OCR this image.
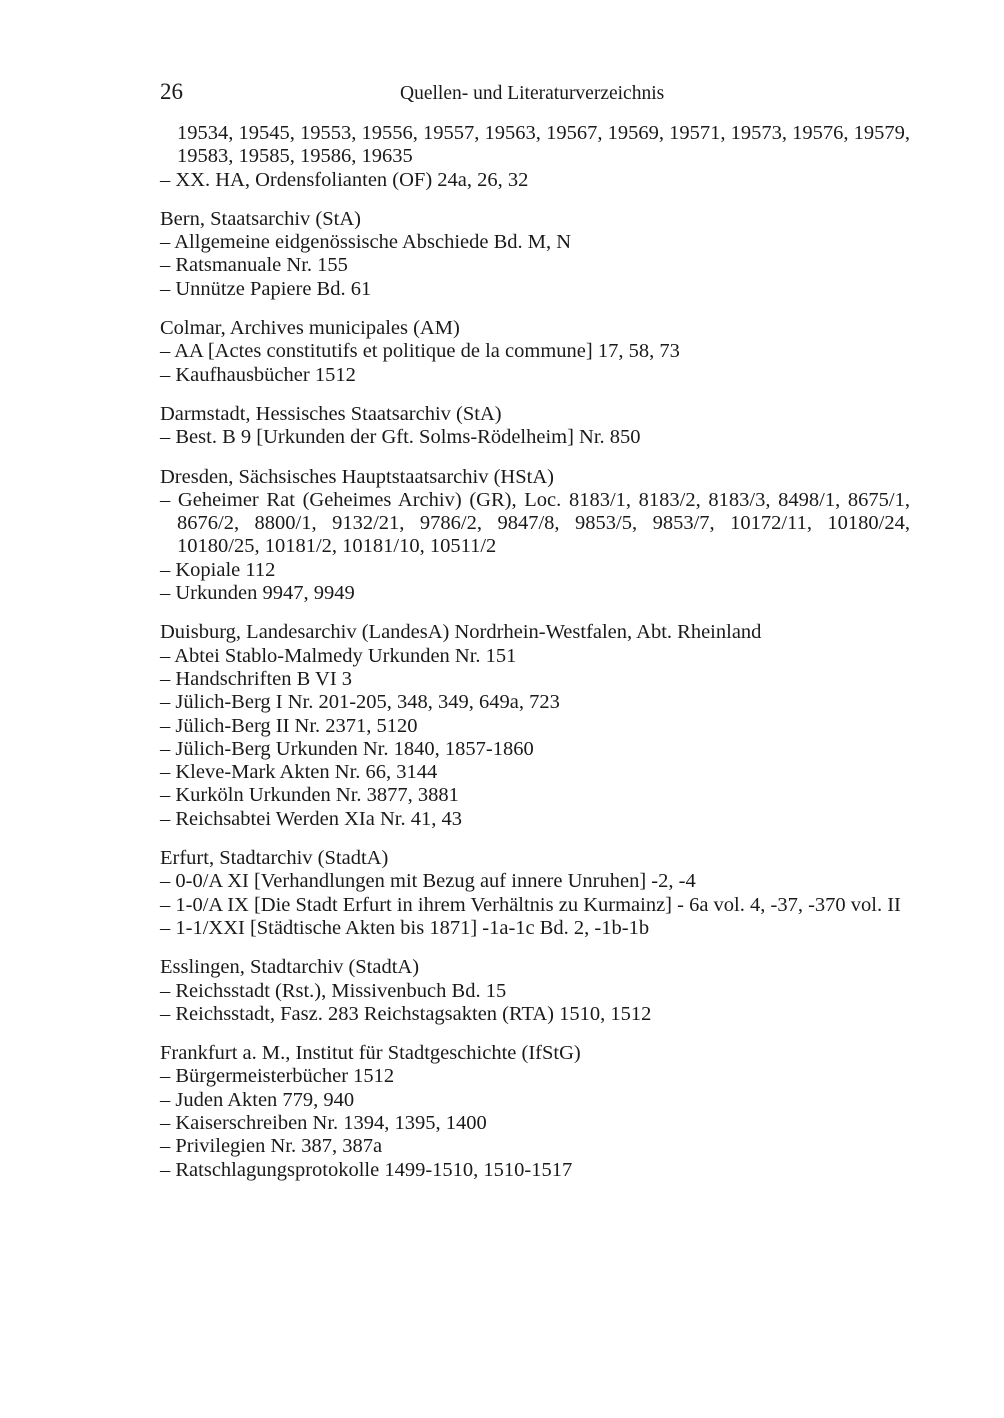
26	Quellen- und Literaturverzeichnis

19534, 19545, 19553, 19556, 19557, 19563, 19567, 19569, 19571, 19573, 19576, 19579, 19583, 19585, 19586, 19635

– XX. HA, Ordensfolianten (OF) 24a, 26, 32

Bern, Staatsarchiv (StA)

– Allgemeine eidgenössische Abschiede Bd. M, N

– Ratsmanuale Nr. 155

– Unnütze Papiere Bd. 61

Colmar, Archives municipales (AM)

– AA [Actes constitutifs et politique de la commune] 17, 58, 73

– Kaufhausbücher 1512

Darmstadt, Hessisches Staatsarchiv (StA)

– Best. B 9 [Urkunden der Gft. Solms-Rödelheim] Nr. 850

Dresden, Sächsisches Hauptstaatsarchiv (HStA)

– Geheimer Rat (Geheimes Archiv) (GR), Loc. 8183/1, 8183/2, 8183/3, 8498/1, 8675/1, 8676/2, 8800/1, 9132/21, 9786/2, 9847/8, 9853/5, 9853/7, 10172/11, 10180/24, 10180/25, 10181/2, 10181/10, 10511/2

– Kopiale 112

– Urkunden 9947, 9949

Duisburg, Landesarchiv (LandesA) Nordrhein-Westfalen, Abt. Rheinland

– Abtei Stablo-Malmedy Urkunden Nr. 151

– Handschriften B VI 3

– Jülich-Berg I Nr. 201-205, 348, 349, 649a, 723

– Jülich-Berg II Nr. 2371, 5120

– Jülich-Berg Urkunden Nr. 1840, 1857-1860

– Kleve-Mark Akten Nr. 66, 3144

– Kurköln Urkunden Nr. 3877, 3881

– Reichsabtei Werden XIa Nr. 41, 43

Erfurt, Stadtarchiv (StadtA)

– 0-0/A XI [Verhandlungen mit Bezug auf innere Unruhen] -2, -4

– 1-0/A IX [Die Stadt Erfurt in ihrem Verhältnis zu Kurmainz] - 6a vol. 4, -37, -370 vol. II

– 1-1/XXI [Städtische Akten bis 1871] -1a-1c Bd. 2, -1b-1b

Esslingen, Stadtarchiv (StadtA)

– Reichsstadt (Rst.), Missivenbuch Bd. 15

– Reichsstadt, Fasz. 283 Reichstagsakten (RTA) 1510, 1512

Frankfurt a. M., Institut für Stadtgeschichte (IfStG)

– Bürgermeisterbücher 1512

– Juden Akten 779, 940

– Kaiserschreiben Nr. 1394, 1395, 1400

– Privilegien Nr. 387, 387a

– Ratschlagungsprotokolle 1499-1510, 1510-1517
